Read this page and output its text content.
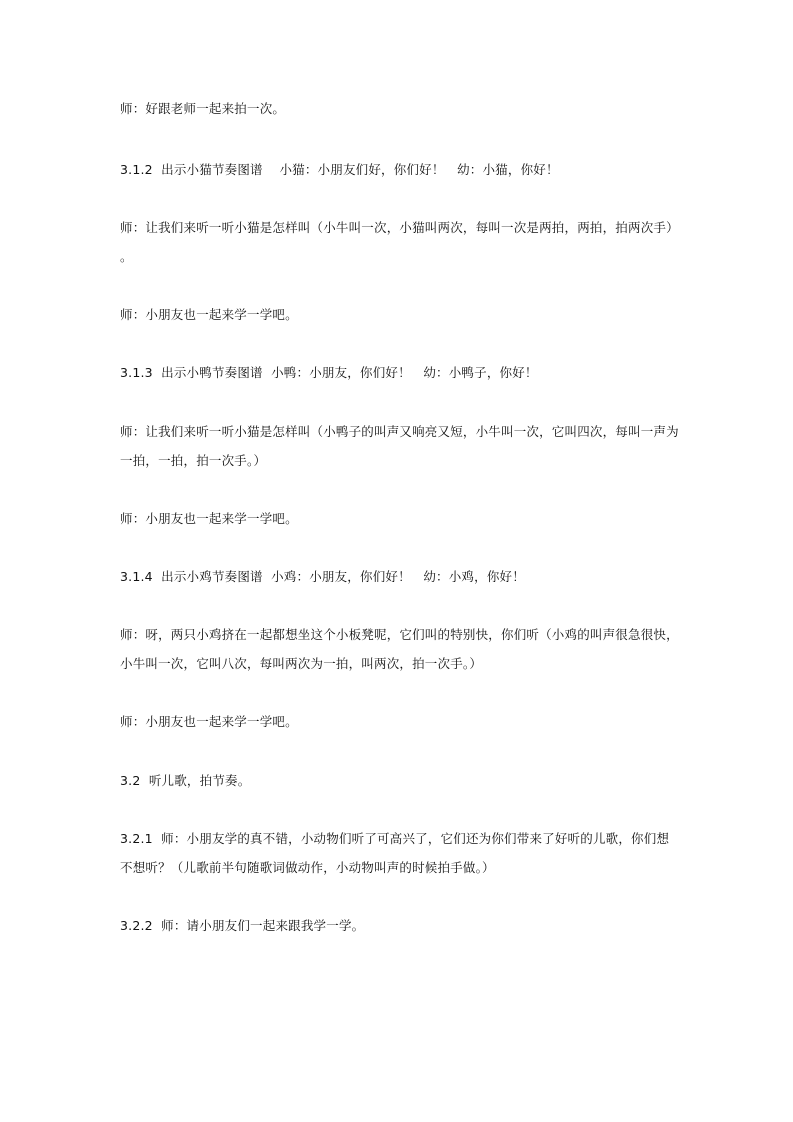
师：好跟老师一起来拍一次。
3.1.2  出示小猫节奏图谱    小猫：小朋友们好，你们好！   幼：小猫，你好！
师：让我们来听一听小猫是怎样叫（小牛叫一次，小猫叫两次，每叫一次是两拍，两拍，拍两次手）  。
师：小朋友也一起来学一学吧。
3.1.3  出示小鸭节奏图谱  小鸭：小朋友，你们好！   幼：小鸭子，你好！
师：让我们来听一听小猫是怎样叫（小鸭子的叫声又响亮又短，小牛叫一次，它叫四次，每叫一声为一拍，一拍，拍一次手。）
师：小朋友也一起来学一学吧。
3.1.4  出示小鸡节奏图谱  小鸡：小朋友，你们好！   幼：小鸡，你好！
师：呀，两只小鸡挤在一起都想坐这个小板凳呢，它们叫的特别快，你们听（小鸡的叫声很急很快，小牛叫一次，它叫八次，每叫两次为一拍，叫两次，拍一次手。）
师：小朋友也一起来学一学吧。
3.2  听儿歌，拍节奏。
3.2.1  师：小朋友学的真不错，小动物们听了可高兴了，它们还为你们带来了好听的儿歌，你们想不想听？（儿歌前半句随歌词做动作，小动物叫声的时候拍手做。）
3.2.2  师：请小朋友们一起来跟我学一学。
